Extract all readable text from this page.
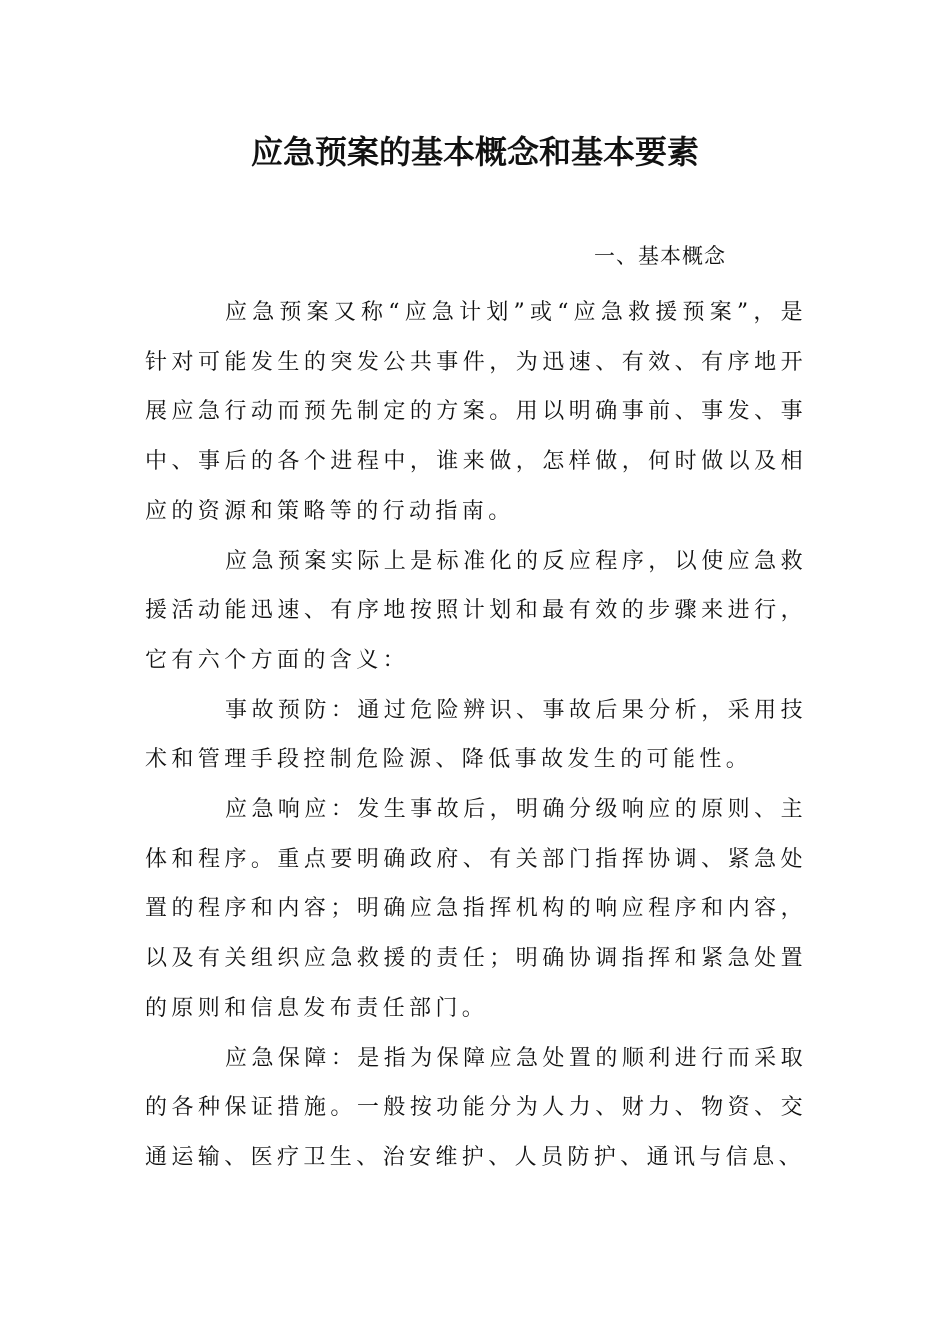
应急预案的基本概念和基本要素

一、基本概念

应急预案又称“应急计划”或“应急救援预案”，是针对可能发生的突发公共事件，为迅速、有效、有序地开展应急行动而预先制定的方案。用以明确事前、事发、事中、事后的各个进程中，谁来做，怎样做，何时做以及相应的资源和策略等的行动指南。

应急预案实际上是标准化的反应程序，以使应急救援活动能迅速、有序地按照计划和最有效的步骤来进行，它有六个方面的含义：

事故预防：通过危险辨识、事故后果分析，采用技术和管理手段控制危险源、降低事故发生的可能性。

应急响应：发生事故后，明确分级响应的原则、主体和程序。重点要明确政府、有关部门指挥协调、紧急处置的程序和内容；明确应急指挥机构的响应程序和内容，以及有关组织应急救援的责任；明确协调指挥和紧急处置的原则和信息发布责任部门。

应急保障：是指为保障应急处置的顺利进行而采取的各种保证措施。一般按功能分为人力、财力、物资、交通运输、医疗卫生、治安维护、人员防护、通讯与信息、
